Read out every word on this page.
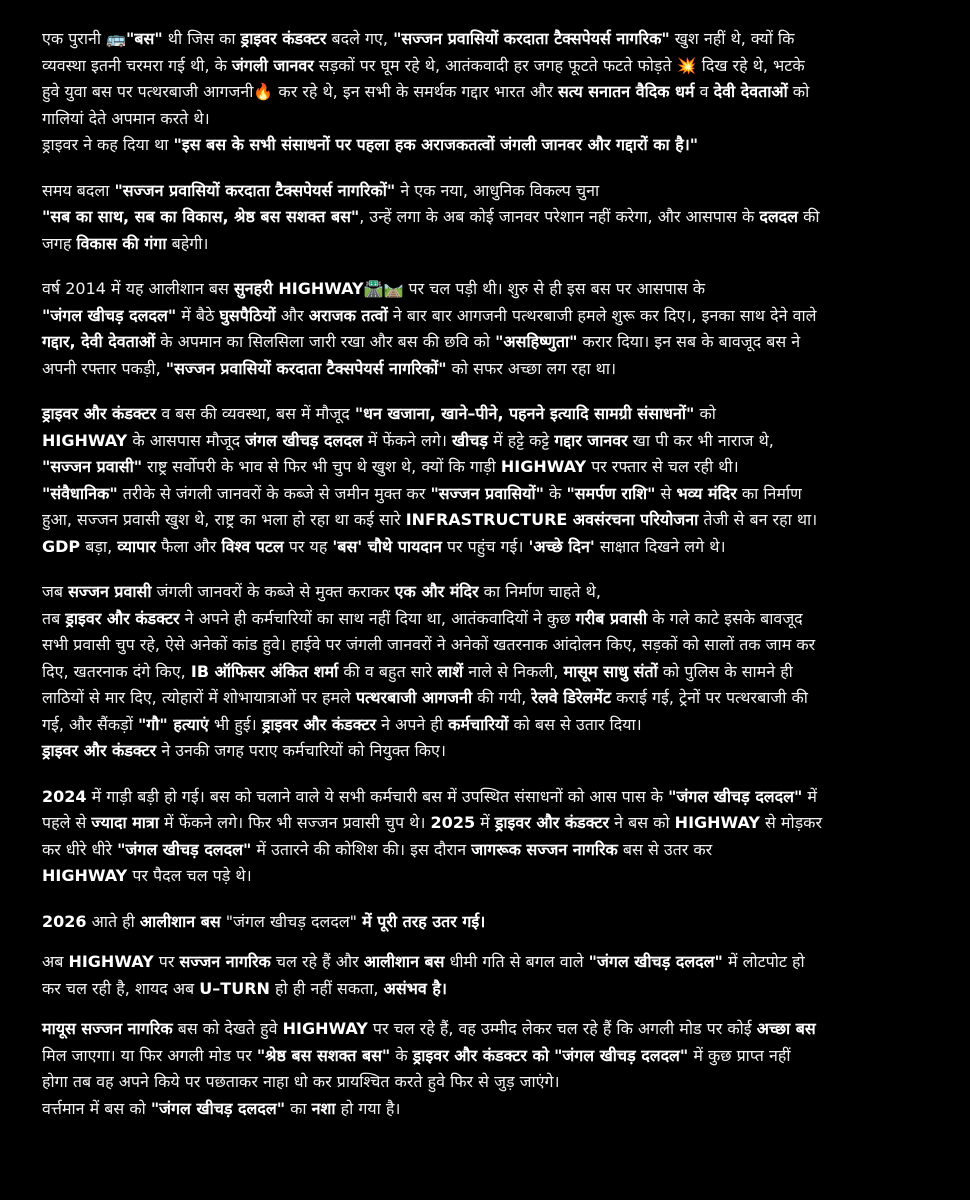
एक पुरानी 🚌"बस" थी जिस का ड्राइवर कंडक्टर बदले गए, "सज्जन प्रवासियों करदाता टैक्सपेयर्स नागरिक" खुश नहीं थे, क्यों कि
व्यवस्था इतनी चरमरा गई थी, के जंगली जानवर सड़कों पर घूम रहे थे, आतंकवादी हर जगह फूटते फटते फोड़ते 💥 दिख रहे थे, भटके
हुवे युवा बस पर पत्थरबाजी आगजनी🔥 कर रहे थे, इन सभी के समर्थक गद्दार भारत और सत्य सनातन वैदिक धर्म व देवी देवताओं को
गालियां देते अपमान करते थे।
ड्राइवर ने कह दिया था "इस बस के सभी संसाधनों पर पहला हक अराजकतत्वों जंगली जानवर और गद्दारों का है।"

समय बदला "सज्जन प्रवासियों करदाता टैक्सपेयर्स नागरिकों" ने एक नया, आधुनिक विकल्प चुना
"सब का साथ, सब का विकास, श्रेष्ठ बस सशक्त बस", उन्हें लगा के अब कोई जानवर परेशान नहीं करेगा, और आसपास के दलदल की
जगह विकास की गंगा बहेगी।

वर्ष 2014 में यह आलीशान बस सुनहरी HIGHWAY🛣️🛤️ पर चल पड़ी थी। शुरु से ही इस बस पर आसपास के
"जंगल खीचड़ दलदल" में बैठे घुसपैठियों और अराजक तत्वों ने बार बार आगजनी पत्थरबाजी हमले शुरू कर दिए।, इनका साथ देने वाले
गद्दार, देवी देवताओं के अपमान का सिलसिला जारी रखा और बस की छवि को "असहिष्णुता" करार दिया। इन सब के बावजूद बस ने
अपनी रफ्तार पकड़ी, "सज्जन प्रवासियों करदाता टैक्सपेयर्स नागरिकों" को सफर अच्छा लग रहा था।

ड्राइवर और कंडक्टर व बस की व्यवस्था, बस में मौजूद "धन खजाना, खाने–पीने, पहनने इत्यादि सामग्री संसाधनों" को
HIGHWAY के आसपास मौजूद जंगल खीचड़ दलदल में फेंकने लगे। खीचड़ में हट्टे कट्टे गद्दार जानवर खा पी कर भी नाराज थे,
"सज्जन प्रवासी" राष्ट्र सर्वोपरी के भाव से फिर भी चुप थे खुश थे, क्यों कि गाड़ी HIGHWAY पर रफ्तार से चल रही थी।
"संवैधानिक" तरीके से जंगली जानवरों के कब्जे से जमीन मुक्त कर "सज्जन प्रवासियों" के "समर्पण राशि" से भव्य मंदिर का निर्माण
हुआ, सज्जन प्रवासी खुश थे, राष्ट्र का भला हो रहा था कई सारे INFRASTRUCTURE अवसंरचना परियोजना तेजी से बन रहा था।
GDP बड़ा, व्यापार फैला और विश्व पटल पर यह 'बस' चौथे पायदान पर पहुंच गई। 'अच्छे दिन' साक्षात दिखने लगे थे।

जब सज्जन प्रवासी जंगली जानवरों के कब्जे से मुक्त कराकर एक और मंदिर का निर्माण चाहते थे,
तब ड्राइवर और कंडक्टर ने अपने ही कर्मचारियों का साथ नहीं दिया था, आतंकवादियों ने कुछ गरीब प्रवासी के गले काटे इसके बावजूद
सभी प्रवासी चुप रहे, ऐसे अनेकों कांड हुवे। हाईवे पर जंगली जानवरों ने अनेकों खतरनाक आंदोलन किए, सड़कों को सालों तक जाम कर
दिए, खतरनाक दंगे किए, IB ऑफिसर अंकित शर्मा की व बहुत सारे लाशें नाले से निकली, मासूम साधु संतों को पुलिस के सामने ही
लाठियों से मार दिए, त्योहारों में शोभायात्राओं पर हमले पत्थरबाजी आगजनी की गयी, रेलवे डिरेलमेंट कराई गई, ट्रेनों पर पत्थरबाजी की
गई, और सैंकड़ों "गौ" हत्याएं भी हुई। ड्राइवर और कंडक्टर ने अपने ही कर्मचारियों को बस से उतार दिया।
ड्राइवर और कंडक्टर ने उनकी जगह पराए कर्मचारियों को नियुक्त किए।

2024 में गाड़ी बड़ी हो गई। बस को चलाने वाले ये सभी कर्मचारी बस में उपस्थित संसाधनों को आस पास के "जंगल खीचड़ दलदल" में
पहले से ज्यादा मात्रा में फेंकने लगे। फिर भी सज्जन प्रवासी चुप थे। 2025 में ड्राइवर और कंडक्टर ने बस को HIGHWAY से मोड़कर
कर धीरे धीरे "जंगल खीचड़ दलदल" में उतारने की कोशिश की। इस दौरान जागरूक सज्जन नागरिक बस से उतर कर
HIGHWAY पर पैदल चल पड़े थे।

2026 आते ही आलीशान बस "जंगल खीचड़ दलदल" में पूरी तरह उतर गई।

अब HIGHWAY पर सज्जन नागरिक चल रहे हैं और आलीशान बस धीमी गति से बगल वाले "जंगल खीचड़ दलदल" में लोटपोट हो
कर चल रही है, शायद अब U–TURN हो ही नहीं सकता, असंभव है।

मायूस सज्जन नागरिक बस को देखते हुवे HIGHWAY पर चल रहे हैं, वह उम्मीद लेकर चल रहे हैं कि अगली मोड पर कोई अच्छा बस
मिल जाएगा। या फिर अगली मोड पर "श्रेष्ठ बस सशक्त बस" के ड्राइवर और कंडक्टर को "जंगल खीचड़ दलदल" में कुछ प्राप्त नहीं
होगा तब वह अपने किये पर पछताकर नाहा धो कर प्रायश्चित करते हुवे फिर से जुड़ जाएंगे।
वर्त्तमान में बस को "जंगल खीचड़ दलदल" का नशा हो गया है।
